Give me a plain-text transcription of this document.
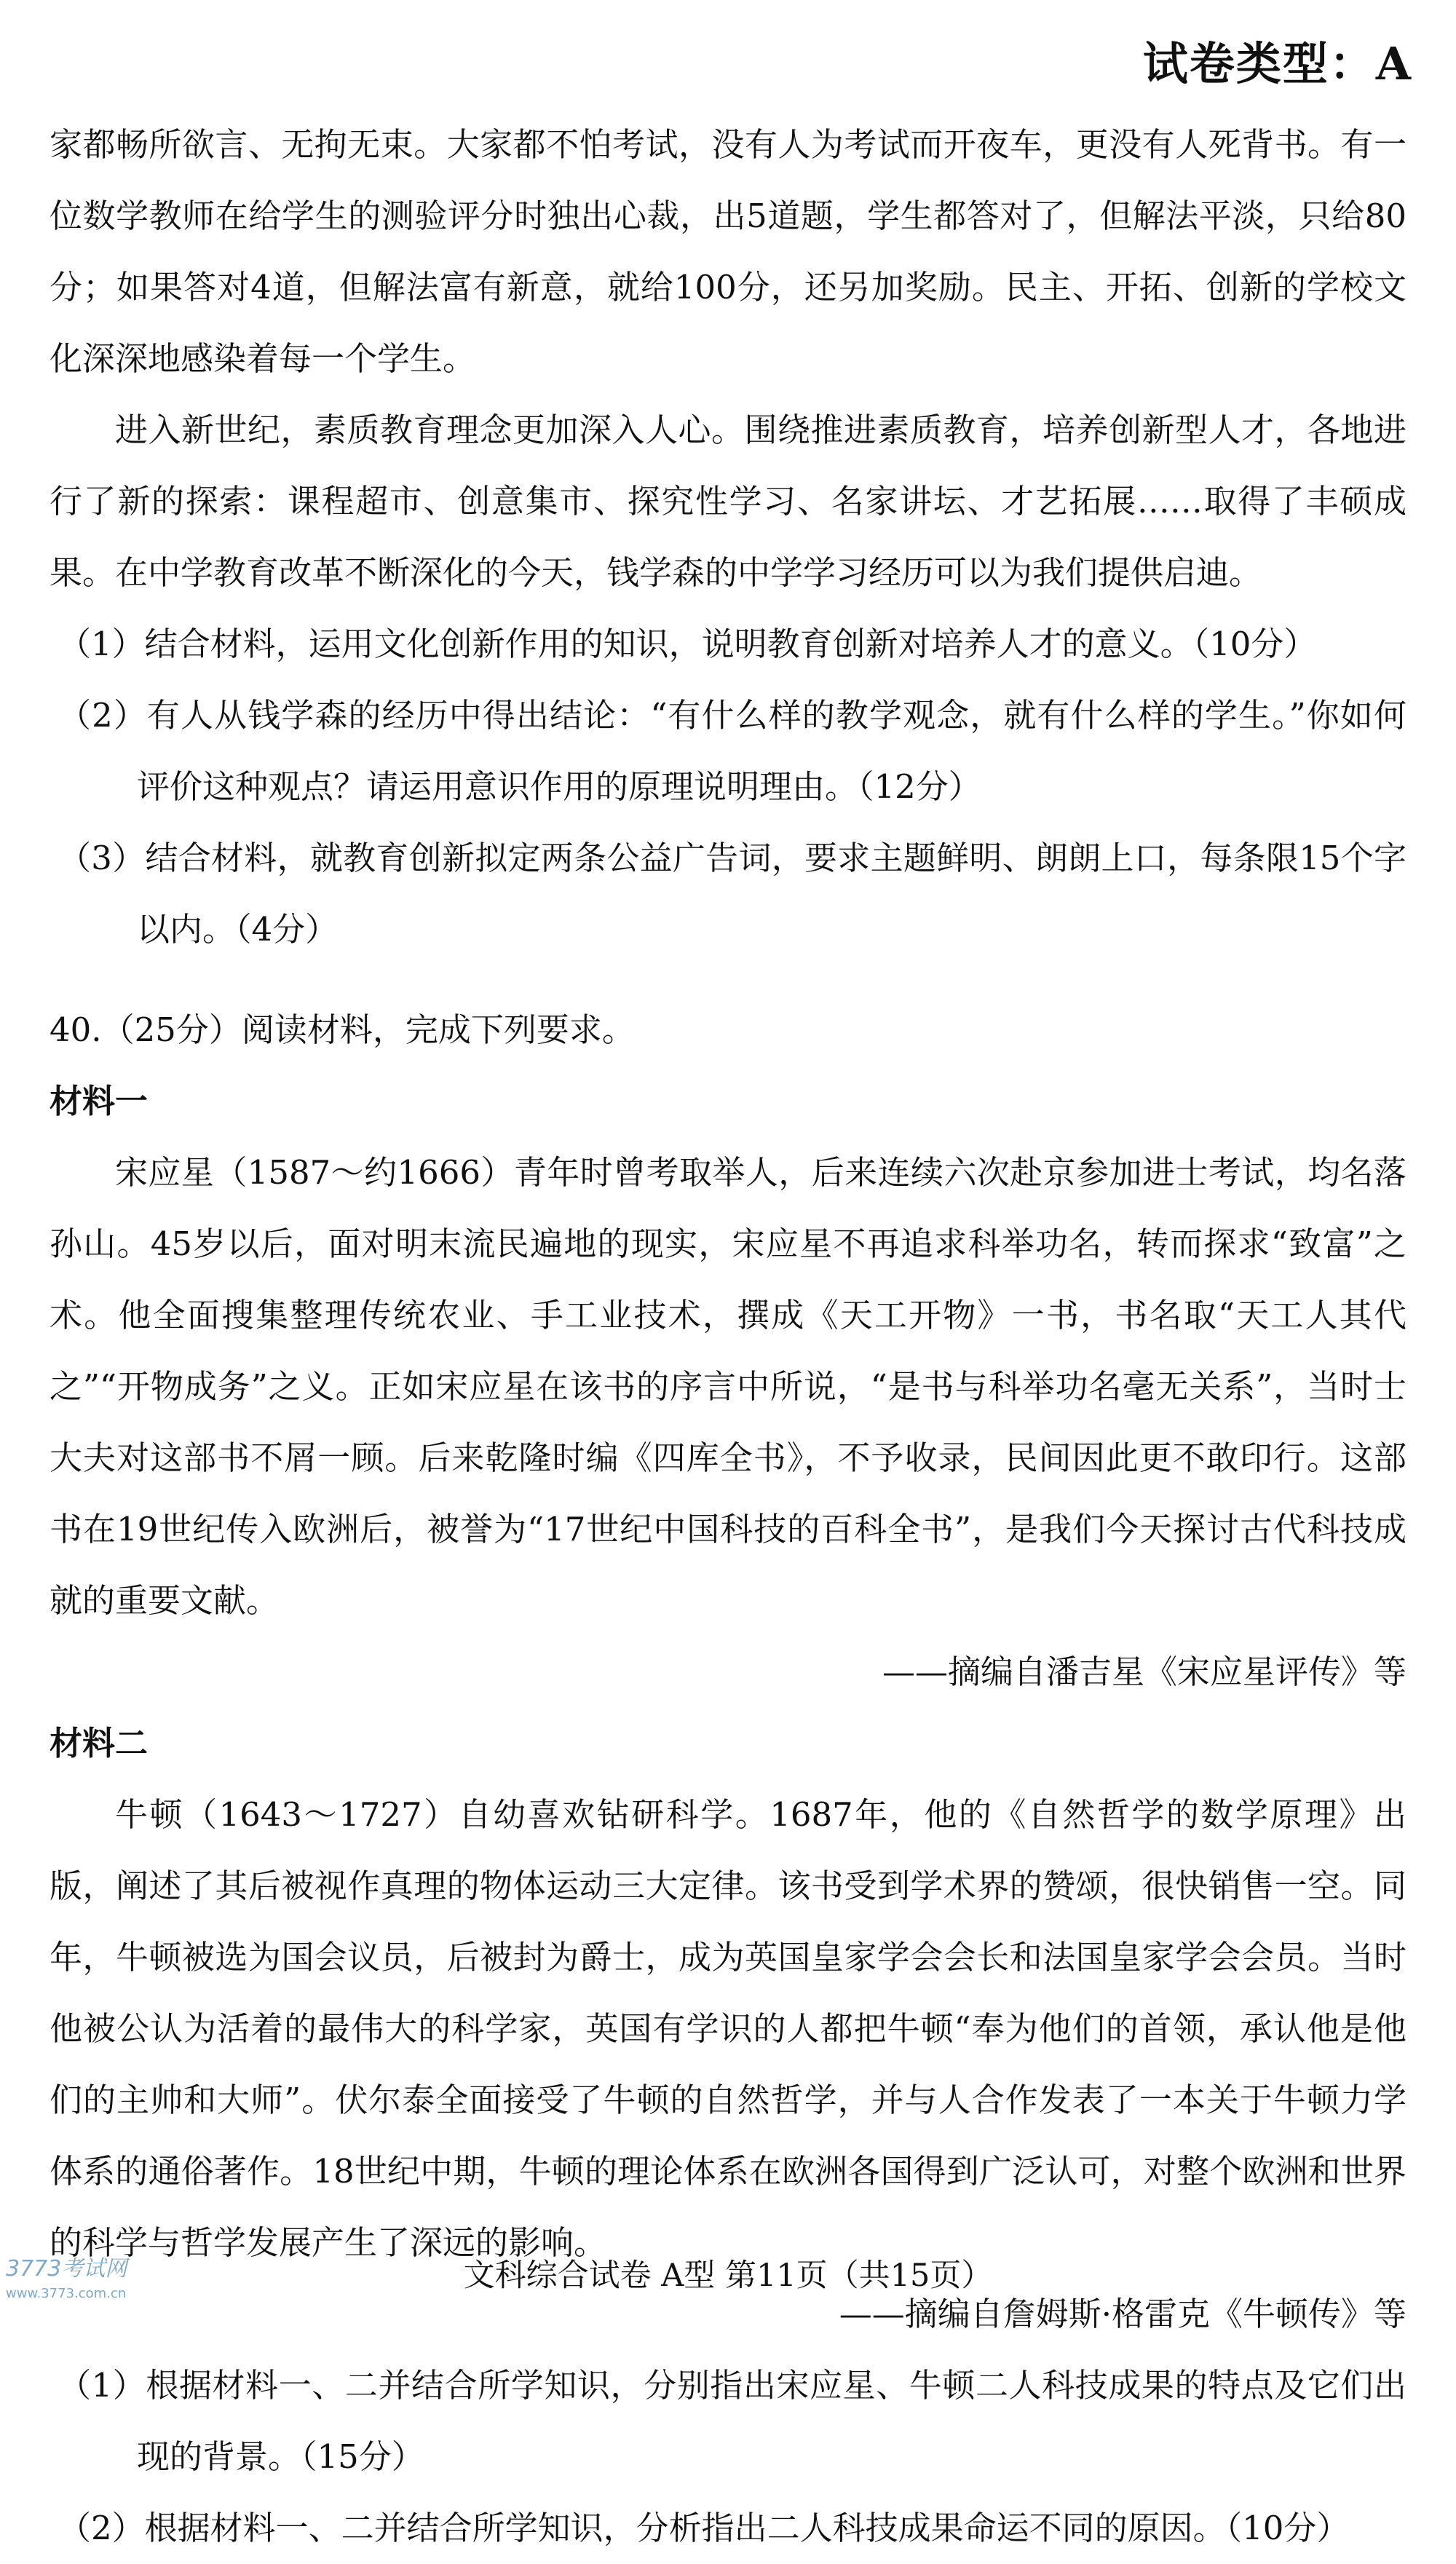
试卷类型：A

家都畅所欲言、无拘无束。大家都不怕考试，没有人为考试而开夜车，更没有人死背书。有一位数学教师在给学生的测验评分时独出心裁，出5道题，学生都答对了，但解法平淡，只给80分；如果答对4道，但解法富有新意，就给100分，还另加奖励。民主、开拓、创新的学校文化深深地感染着每一个学生。

进入新世纪，素质教育理念更加深入人心。围绕推进素质教育，培养创新型人才，各地进行了新的探索：课程超市、创意集市、探究性学习、名家讲坛、才艺拓展……取得了丰硕成果。在中学教育改革不断深化的今天，钱学森的中学学习经历可以为我们提供启迪。

（1）结合材料，运用文化创新作用的知识，说明教育创新对培养人才的意义。（10分）

（2）有人从钱学森的经历中得出结论：“有什么样的教学观念，就有什么样的学生。”你如何评价这种观点？请运用意识作用的原理说明理由。（12分）

（3）结合材料，就教育创新拟定两条公益广告词，要求主题鲜明、朗朗上口，每条限15个字以内。（4分）

40.（25分）阅读材料，完成下列要求。

材料一

宋应星（1587～约1666）青年时曾考取举人，后来连续六次赴京参加进士考试，均名落孙山。45岁以后，面对明末流民遍地的现实，宋应星不再追求科举功名，转而探求“致富”之术。他全面搜集整理传统农业、手工业技术，撰成《天工开物》一书，书名取“天工人其代之”“开物成务”之义。正如宋应星在该书的序言中所说，“是书与科举功名毫无关系”，当时士大夫对这部书不屑一顾。后来乾隆时编《四库全书》，不予收录，民间因此更不敢印行。这部书在19世纪传入欧洲后，被誉为“17世纪中国科技的百科全书”，是我们今天探讨古代科技成就的重要文献。

——摘编自潘吉星《宋应星评传》等

材料二

牛顿（1643～1727）自幼喜欢钻研科学。1687年，他的《自然哲学的数学原理》出版，阐述了其后被视作真理的物体运动三大定律。该书受到学术界的赞颂，很快销售一空。同年，牛顿被选为国会议员，后被封为爵士，成为英国皇家学会会长和法国皇家学会会员。当时他被公认为活着的最伟大的科学家，英国有学识的人都把牛顿“奉为他们的首领，承认他是他们的主帅和大师”。伏尔泰全面接受了牛顿的自然哲学，并与人合作发表了一本关于牛顿力学体系的通俗著作。18世纪中期，牛顿的理论体系在欧洲各国得到广泛认可，对整个欧洲和世界的科学与哲学发展产生了深远的影响。

——摘编自詹姆斯·格雷克《牛顿传》等

（1）根据材料一、二并结合所学知识，分别指出宋应星、牛顿二人科技成果的特点及它们出现的背景。（15分）

（2）根据材料一、二并结合所学知识，分析指出二人科技成果命运不同的原因。（10分）

文科综合试卷 A型 第11页（共15页）
3773考试网
www.3773.com.cn
